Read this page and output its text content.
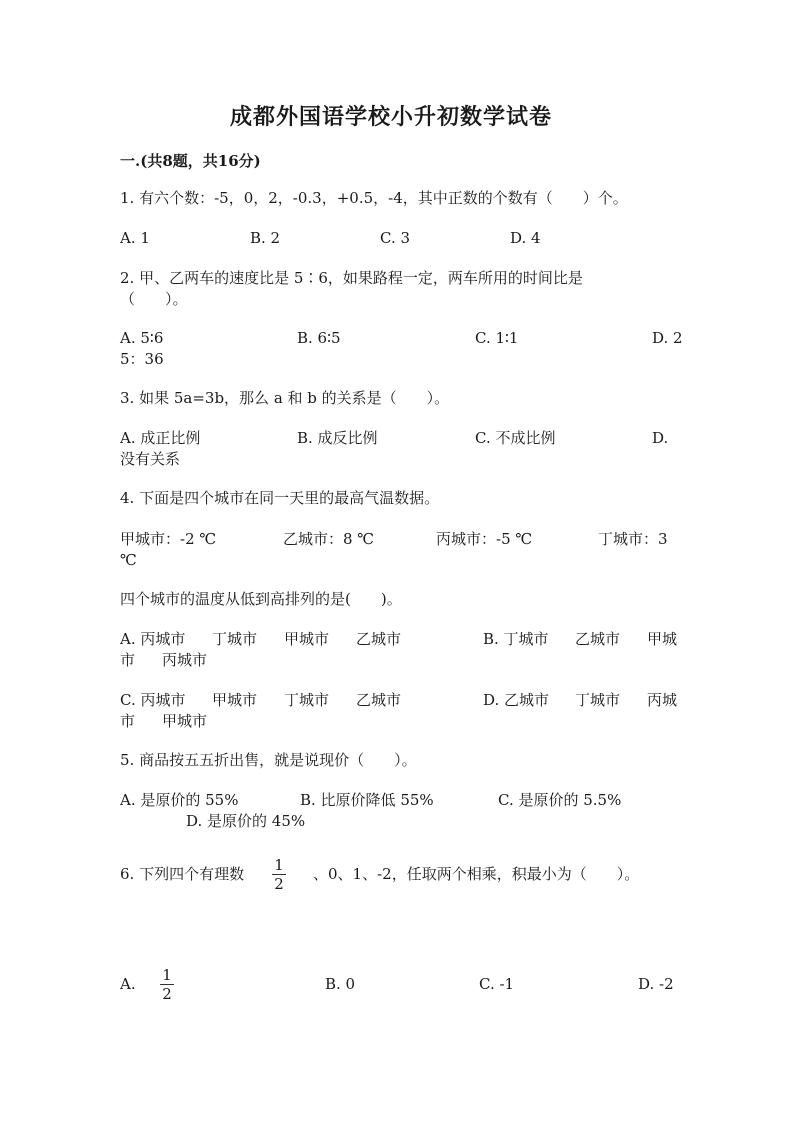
成都外国语学校小升初数学试卷
一.(共8题，共16分)
1. 有六个数：-5，0，2，-0.3，+0.5，-4，其中正数的个数有（　　）个。
A. 1	B. 2	C. 3	D. 4
2. 甲、乙两车的速度比是 5∶6，如果路程一定，两车所用的时间比是
（　　）。
A. 5∶6	B. 6∶5	C. 1∶1	D. 2
5：36
3. 如果 5a=3b，那么 a 和 b 的关系是（　　）。
A. 成正比例	B. 成反比例	C. 不成比例	D.
没有关系
4. 下面是四个城市在同一天里的最高气温数据。
甲城市：-2 ℃	乙城市：8 ℃	丙城市：-5 ℃	丁城市：3
℃
四个城市的温度从低到高排列的是(　　)。
A. 丙城市 丁城市 甲城市 乙城市	B. 丁城市 乙城市 甲城
市 丙城市
C. 丙城市 甲城市 丁城市 乙城市	D. 乙城市 丁城市 丙城
市 甲城市
5. 商品按五五折出售，就是说现价（　　）。
A. 是原价的 55%	B. 比原价降低 55%	C. 是原价的 5.5%
D. 是原价的 45%
6. 下列四个有理数 1
2
、0、1、-2，任取两个相乘，积最小为（　　）。
A. 1
2
B. 0	C. -1	D. -2
